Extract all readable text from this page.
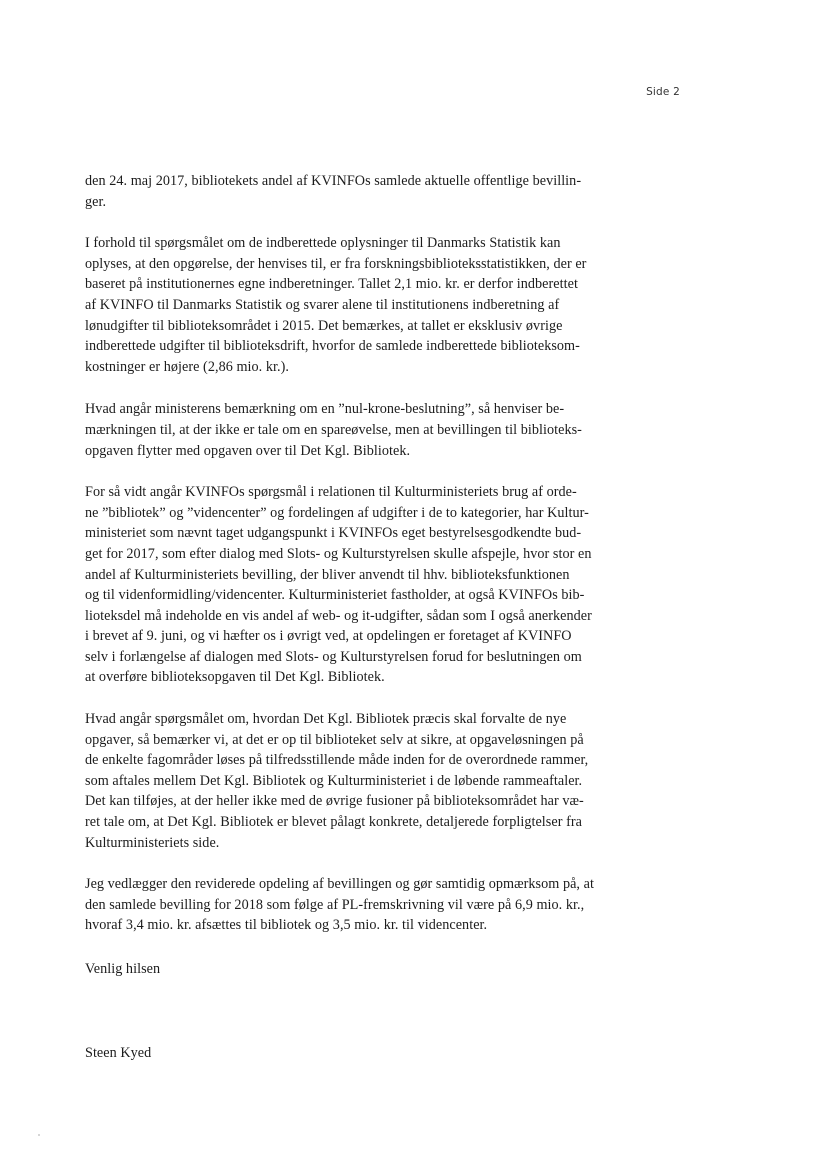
Side 2

den 24. maj 2017, bibliotekets andel af KVINFOs samlede aktuelle offentlige bevillin-
ger.

I forhold til spørgsmålet om de indberettede oplysninger til Danmarks Statistik kan
oplyses, at den opgørelse, der henvises til, er fra forskningsbiblioteksstatistikken, der er
baseret på institutionernes egne indberetninger. Tallet 2,1 mio. kr. er derfor indberettet
af KVINFO til Danmarks Statistik og svarer alene til institutionens indberetning af
lønudgifter til biblioteksområdet i 2015. Det bemærkes, at tallet er eksklusiv øvrige
indberettede udgifter til biblioteksdrift, hvorfor de samlede indberettede biblioteksom-
kostninger er højere (2,86 mio. kr.).

Hvad angår ministerens bemærkning om en ”nul-krone-beslutning”, så henviser be-
mærkningen til, at der ikke er tale om en spareøvelse, men at bevillingen til biblioteks-
opgaven flytter med opgaven over til Det Kgl. Bibliotek.

For så vidt angår KVINFOs spørgsmål i relationen til Kulturministeriets brug af orde-
ne ”bibliotek” og ”videncenter” og fordelingen af udgifter i de to kategorier, har Kultur-
ministeriet som nævnt taget udgangspunkt i KVINFOs eget bestyrelsesgodkendte bud-
get for 2017, som efter dialog med Slots- og Kulturstyrelsen skulle afspejle, hvor stor en
andel af Kulturministeriets bevilling, der bliver anvendt til hhv. biblioteksfunktionen
og til videnformidling/videncenter. Kulturministeriet fastholder, at også KVINFOs bib-
lioteksdel må indeholde en vis andel af web- og it-udgifter, sådan som I også anerkender
i brevet af 9. juni, og vi hæfter os i øvrigt ved, at opdelingen er foretaget af KVINFO
selv i forlængelse af dialogen med Slots- og Kulturstyrelsen forud for beslutningen om
at overføre biblioteksopgaven til Det Kgl. Bibliotek.

Hvad angår spørgsmålet om, hvordan Det Kgl. Bibliotek præcis skal forvalte de nye
opgaver, så bemærker vi, at det er op til biblioteket selv at sikre, at opgaveløsningen på
de enkelte fagområder løses på tilfredsstillende måde inden for de overordnede rammer,
som aftales mellem Det Kgl. Bibliotek og Kulturministeriet i de løbende rammeaftaler.
Det kan tilføjes, at der heller ikke med de øvrige fusioner på biblioteksområdet har væ-
ret tale om, at Det Kgl. Bibliotek er blevet pålagt konkrete, detaljerede forpligtelser fra
Kulturministeriets side.

Jeg vedlægger den reviderede opdeling af bevillingen og gør samtidig opmærksom på, at
den samlede bevilling for 2018 som følge af PL-fremskrivning vil være på 6,9 mio. kr.,
hvoraf 3,4 mio. kr. afsættes til bibliotek og 3,5 mio. kr. til videncenter.

Venlig hilsen

Steen Kyed
